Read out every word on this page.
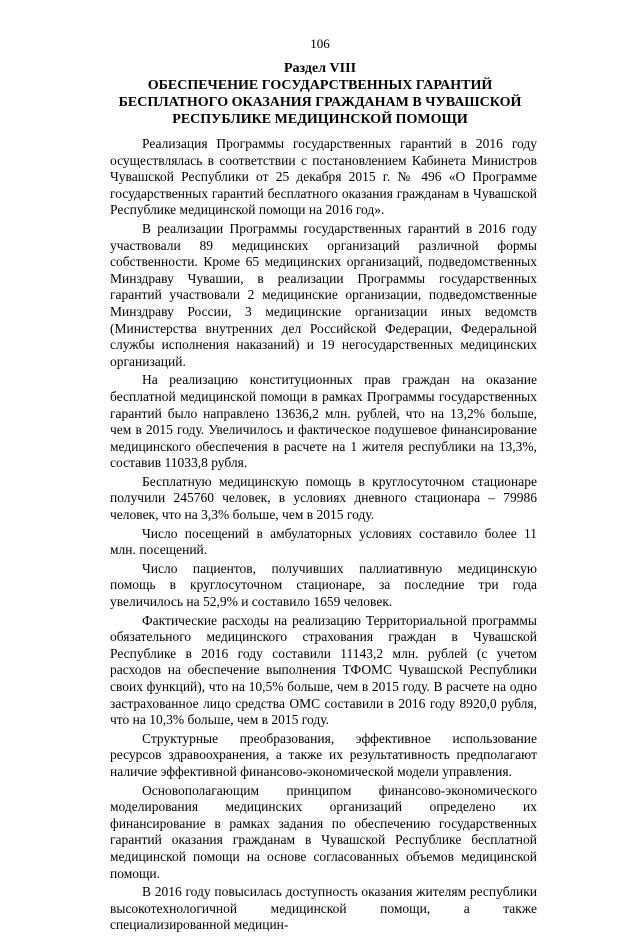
106
Раздел VIII
ОБЕСПЕЧЕНИЕ ГОСУДАРСТВЕННЫХ ГАРАНТИЙ БЕСПЛАТНОГО ОКАЗАНИЯ ГРАЖДАНАМ В ЧУВАШСКОЙ РЕСПУБЛИКЕ МЕДИЦИНСКОЙ ПОМОЩИ

Реализация Программы государственных гарантий в 2016 году осуществлялась в соответствии с постановлением Кабинета Министров Чувашской Республики от 25 декабря 2015 г. № 496 «О Программе государственных гарантий бесплатного оказания гражданам в Чувашской Республике медицинской помощи на 2016 год».

В реализации Программы государственных гарантий в 2016 году участвовали 89 медицинских организаций различной формы собственности. Кроме 65 медицинских организаций, подведомственных Минздраву Чувашии, в реализации Программы государственных гарантий участвовали 2 медицинские организации, подведомственные Минздраву России, 3 медицинские организации иных ведомств (Министерства внутренних дел Российской Федерации, Федеральной службы исполнения наказаний) и 19 негосударственных медицинских организаций.

На реализацию конституционных прав граждан на оказание бесплатной медицинской помощи в рамках Программы государственных гарантий было направлено 13636,2 млн. рублей, что на 13,2% больше, чем в 2015 году. Увеличилось и фактическое подушевое финансирование медицинского обеспечения в расчете на 1 жителя республики на 13,3%, составив 11033,8 рубля.

Бесплатную медицинскую помощь в круглосуточном стационаре получили 245760 человек, в условиях дневного стационара – 79986 человек, что на 3,3% больше, чем в 2015 году.

Число посещений в амбулаторных условиях составило более 11 млн. посещений.

Число пациентов, получивших паллиативную медицинскую помощь в круглосуточном стационаре, за последние три года увеличилось на 52,9% и составило 1659 человек.

Фактические расходы на реализацию Территориальной программы обязательного медицинского страхования граждан в Чувашской Республике в 2016 году составили 11143,2 млн. рублей (с учетом расходов на обеспечение выполнения ТФОМС Чувашской Республики своих функций), что на 10,5% больше, чем в 2015 году. В расчете на одно застрахованное лицо средства ОМС составили в 2016 году 8920,0 рубля, что на 10,3% больше, чем в 2015 году.

Структурные преобразования, эффективное использование ресурсов здравоохранения, а также их результативность предполагают наличие эффективной финансово-экономической модели управления.

Основополагающим принципом финансово-экономического моделирования медицинских организаций определено их финансирование в рамках задания по обеспечению государственных гарантий оказания гражданам в Чувашской Республике бесплатной медицинской помощи на основе согласованных объемов медицинской помощи.

В 2016 году повысилась доступность оказания жителям республики высокотехнологичной медицинской помощи, а также специализированной медицин-
